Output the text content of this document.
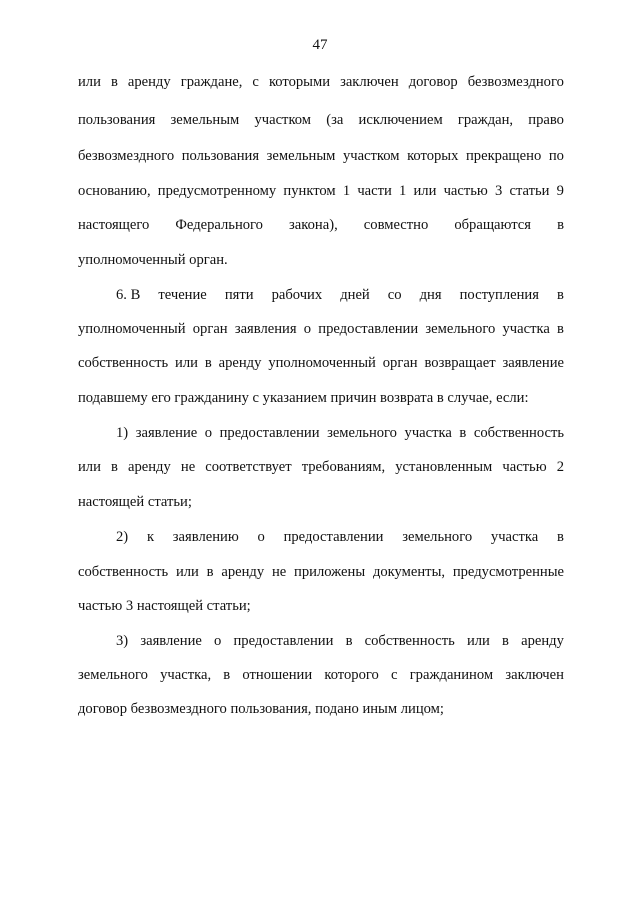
47
или в аренду граждане, с которыми заключен договор безвозмездного
пользования земельным участком (за исключением граждан, право
безвозмездного пользования земельным участком которых прекращено по
основанию, предусмотренному пунктом 1 части 1 или частью 3 статьи 9
настоящего Федерального закона), совместно обращаются в
уполномоченный орган.
6. В течение пяти рабочих дней со дня поступления в
уполномоченный орган заявления о предоставлении земельного участка в
собственность или в аренду уполномоченный орган возвращает заявление
подавшему его гражданину с указанием причин возврата в случае, если:
1) заявление о предоставлении земельного участка в собственность
или в аренду не соответствует требованиям, установленным частью 2
настоящей статьи;
2) к заявлению о предоставлении земельного участка в
собственность или в аренду не приложены документы, предусмотренные
частью 3 настоящей статьи;
3) заявление о предоставлении в собственность или в аренду
земельного участка, в отношении которого с гражданином заключен
договор безвозмездного пользования, подано иным лицом;
